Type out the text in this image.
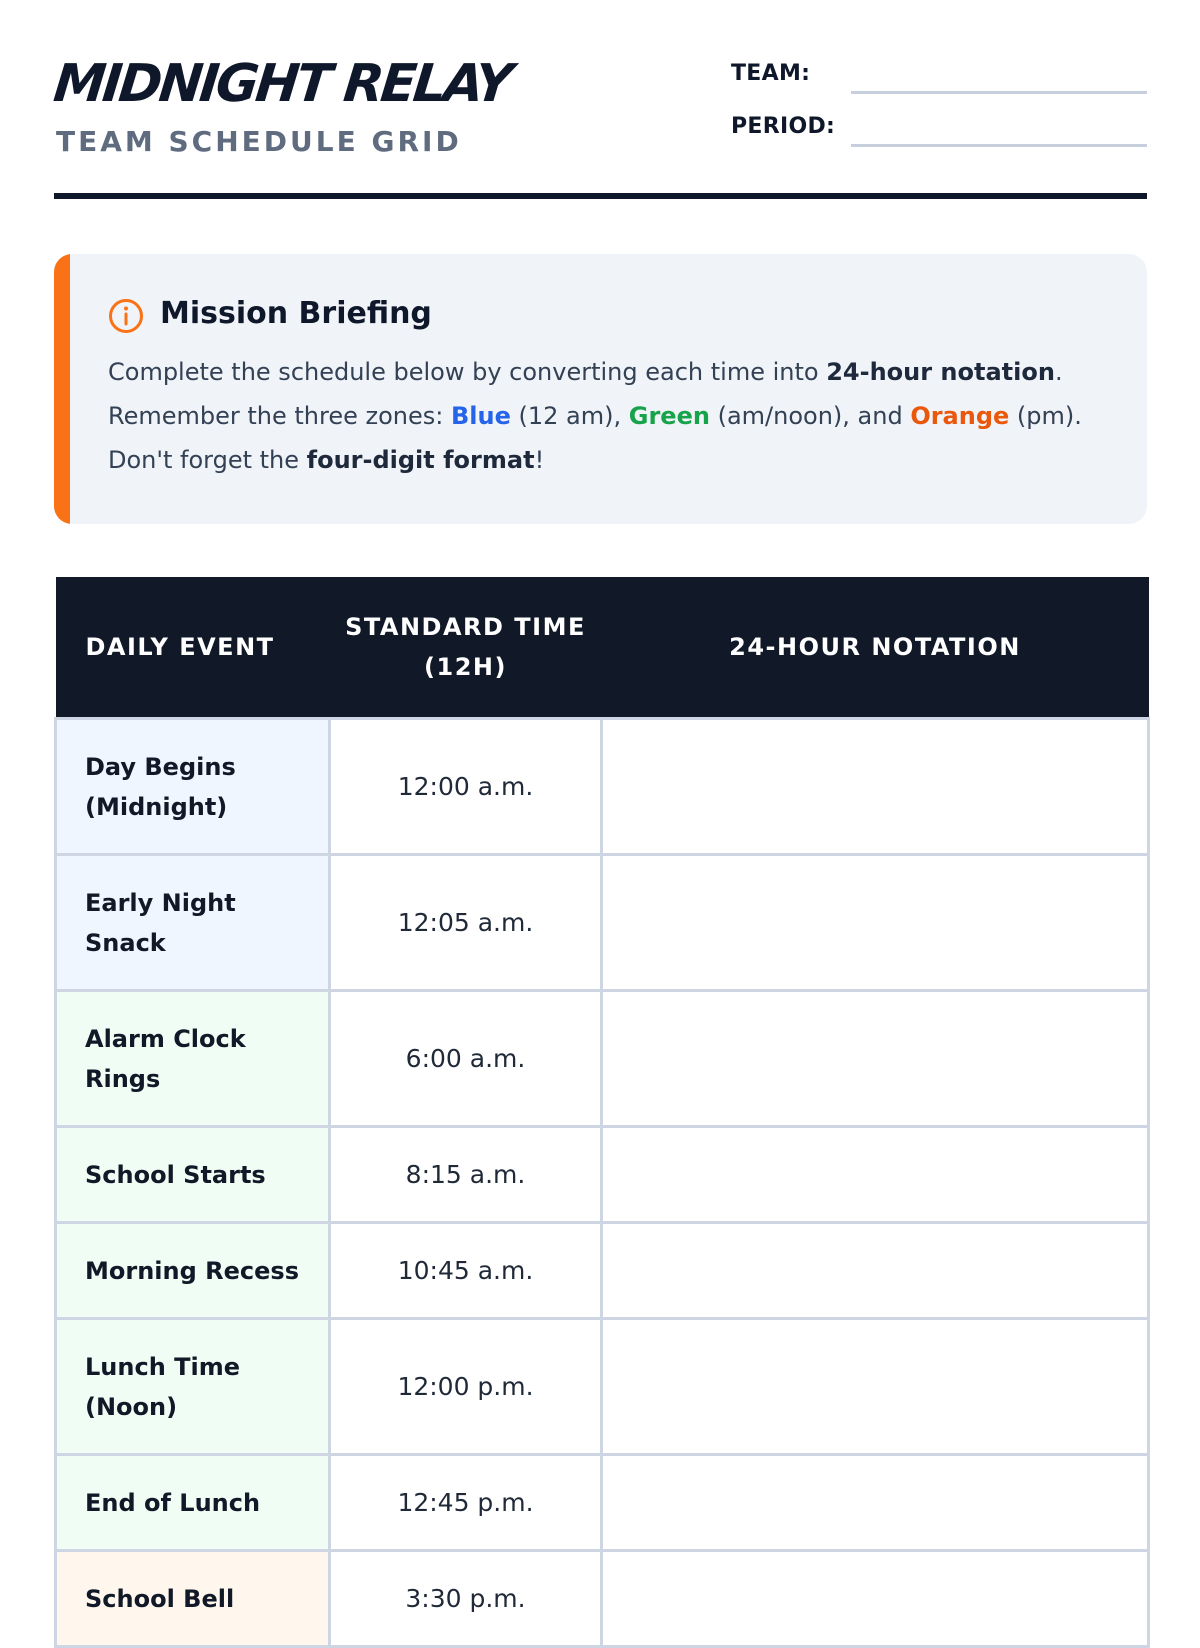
MIDNIGHT RELAY
TEAM SCHEDULE GRID
TEAM:
PERIOD:
Mission Briefing
Complete the schedule below by converting each time into 24-hour notation.
Remember the three zones: Blue (12 am), Green (am/noon), and Orange (pm).
Don't forget the four-digit format!
DAILY EVENT	STANDARD TIME (12H)	24-HOUR NOTATION
Day Begins (Midnight)	12:00 a.m.	
Early Night Snack	12:05 a.m.	
Alarm Clock Rings	6:00 a.m.	
School Starts	8:15 a.m.	
Morning Recess	10:45 a.m.	
Lunch Time (Noon)	12:00 p.m.	
End of Lunch	12:45 p.m.	
School Bell	3:30 p.m.	
